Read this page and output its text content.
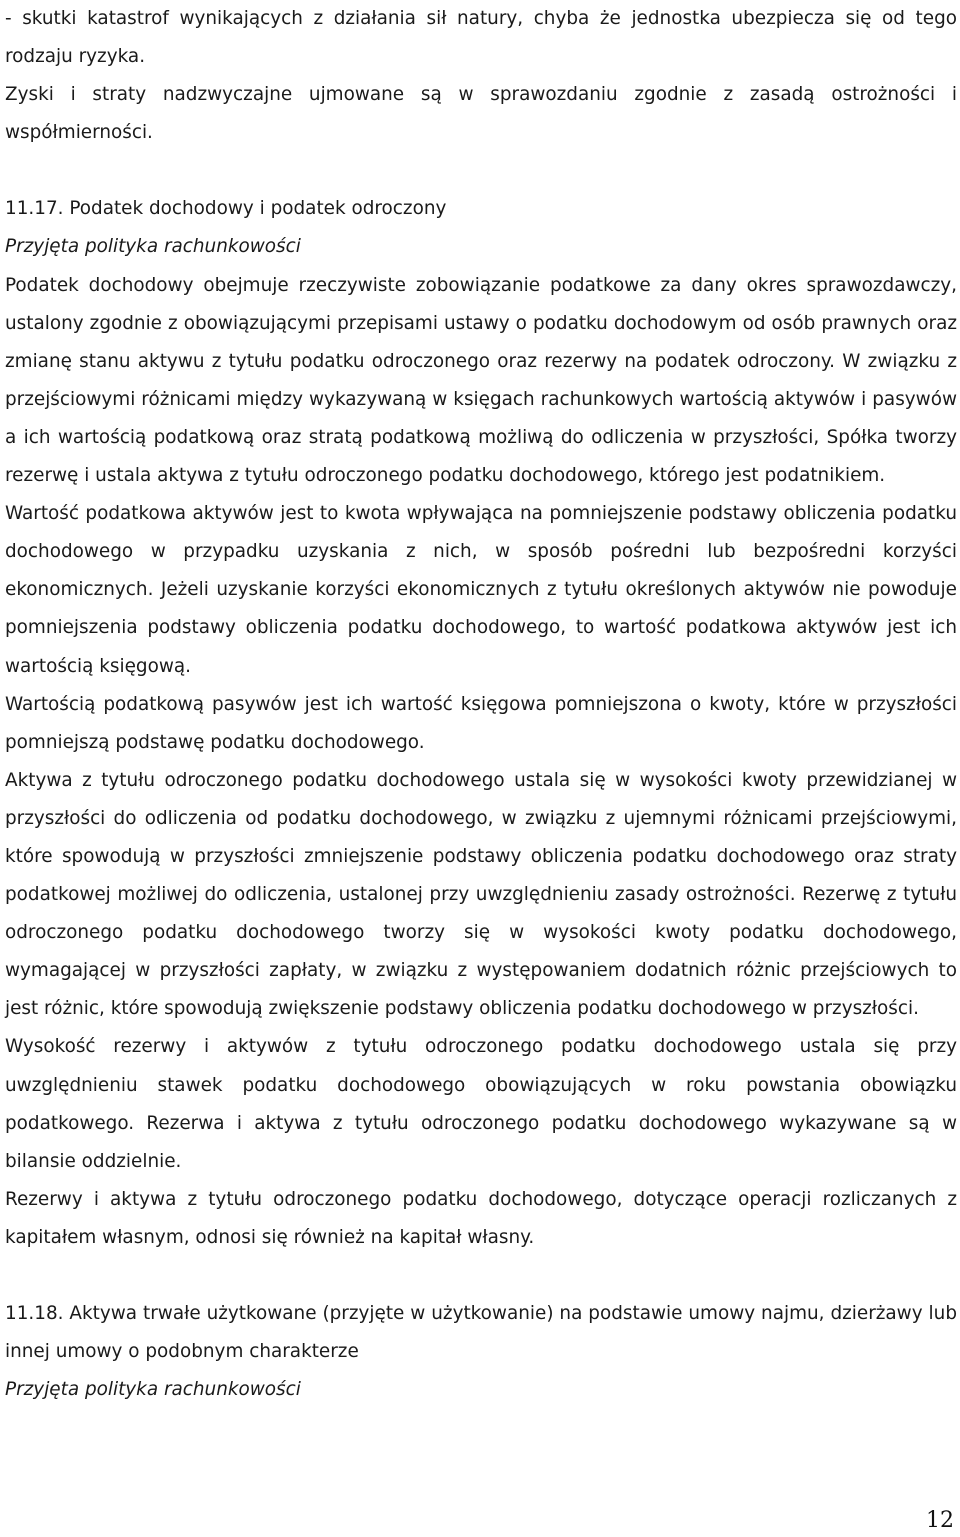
- skutki katastrof wynikających z działania sił natury, chyba że jednostka ubezpiecza się od tego rodzaju ryzyka.

Zyski i straty nadzwyczajne ujmowane są w sprawozdaniu zgodnie z zasadą ostrożności i współmierności.

11.17. Podatek dochodowy i podatek odroczony

Przyjęta polityka rachunkowości

Podatek dochodowy obejmuje rzeczywiste zobowiązanie podatkowe za dany okres sprawozdawczy, ustalony zgodnie z obowiązującymi przepisami ustawy o podatku dochodowym od osób prawnych oraz zmianę stanu aktywu z tytułu podatku odroczonego oraz rezerwy na podatek odroczony. W związku z przejściowymi różnicami między wykazywaną w księgach rachunkowych wartością aktywów i pasywów a ich wartością podatkową oraz stratą podatkową możliwą do odliczenia w przyszłości, Spółka tworzy rezerwę i ustala aktywa z tytułu odroczonego podatku dochodowego, którego jest podatnikiem.

Wartość podatkowa aktywów jest to kwota wpływająca na pomniejszenie podstawy obliczenia podatku dochodowego w przypadku uzyskania z nich, w sposób pośredni lub bezpośredni korzyści ekonomicznych. Jeżeli uzyskanie korzyści ekonomicznych z tytułu określonych aktywów nie powoduje pomniejszenia podstawy obliczenia podatku dochodowego, to wartość podatkowa aktywów jest ich wartością księgową.

Wartością podatkową pasywów jest ich wartość księgowa pomniejszona o kwoty, które w przyszłości pomniejszą podstawę podatku dochodowego.

Aktywa z tytułu odroczonego podatku dochodowego ustala się w wysokości kwoty przewidzianej w przyszłości do odliczenia od podatku dochodowego, w związku z ujemnymi różnicami przejściowymi, które spowodują w przyszłości zmniejszenie podstawy obliczenia podatku dochodowego oraz straty podatkowej możliwej do odliczenia, ustalonej przy uwzględnieniu zasady ostrożności. Rezerwę z tytułu odroczonego podatku dochodowego tworzy się w wysokości kwoty podatku dochodowego, wymagającej w przyszłości zapłaty, w związku z występowaniem dodatnich różnic przejściowych to jest różnic, które spowodują zwiększenie podstawy obliczenia podatku dochodowego w przyszłości.

Wysokość rezerwy i aktywów z tytułu odroczonego podatku dochodowego ustala się przy uwzględnieniu stawek podatku dochodowego obowiązujących w roku powstania obowiązku podatkowego. Rezerwa i aktywa z tytułu odroczonego podatku dochodowego wykazywane są w bilansie oddzielnie.

Rezerwy i aktywa z tytułu odroczonego podatku dochodowego, dotyczące operacji rozliczanych z kapitałem własnym, odnosi się również na kapitał własny.

11.18. Aktywa trwałe użytkowane (przyjęte w użytkowanie) na podstawie umowy najmu, dzierżawy lub innej umowy o podobnym charakterze

Przyjęta polityka rachunkowości

12
